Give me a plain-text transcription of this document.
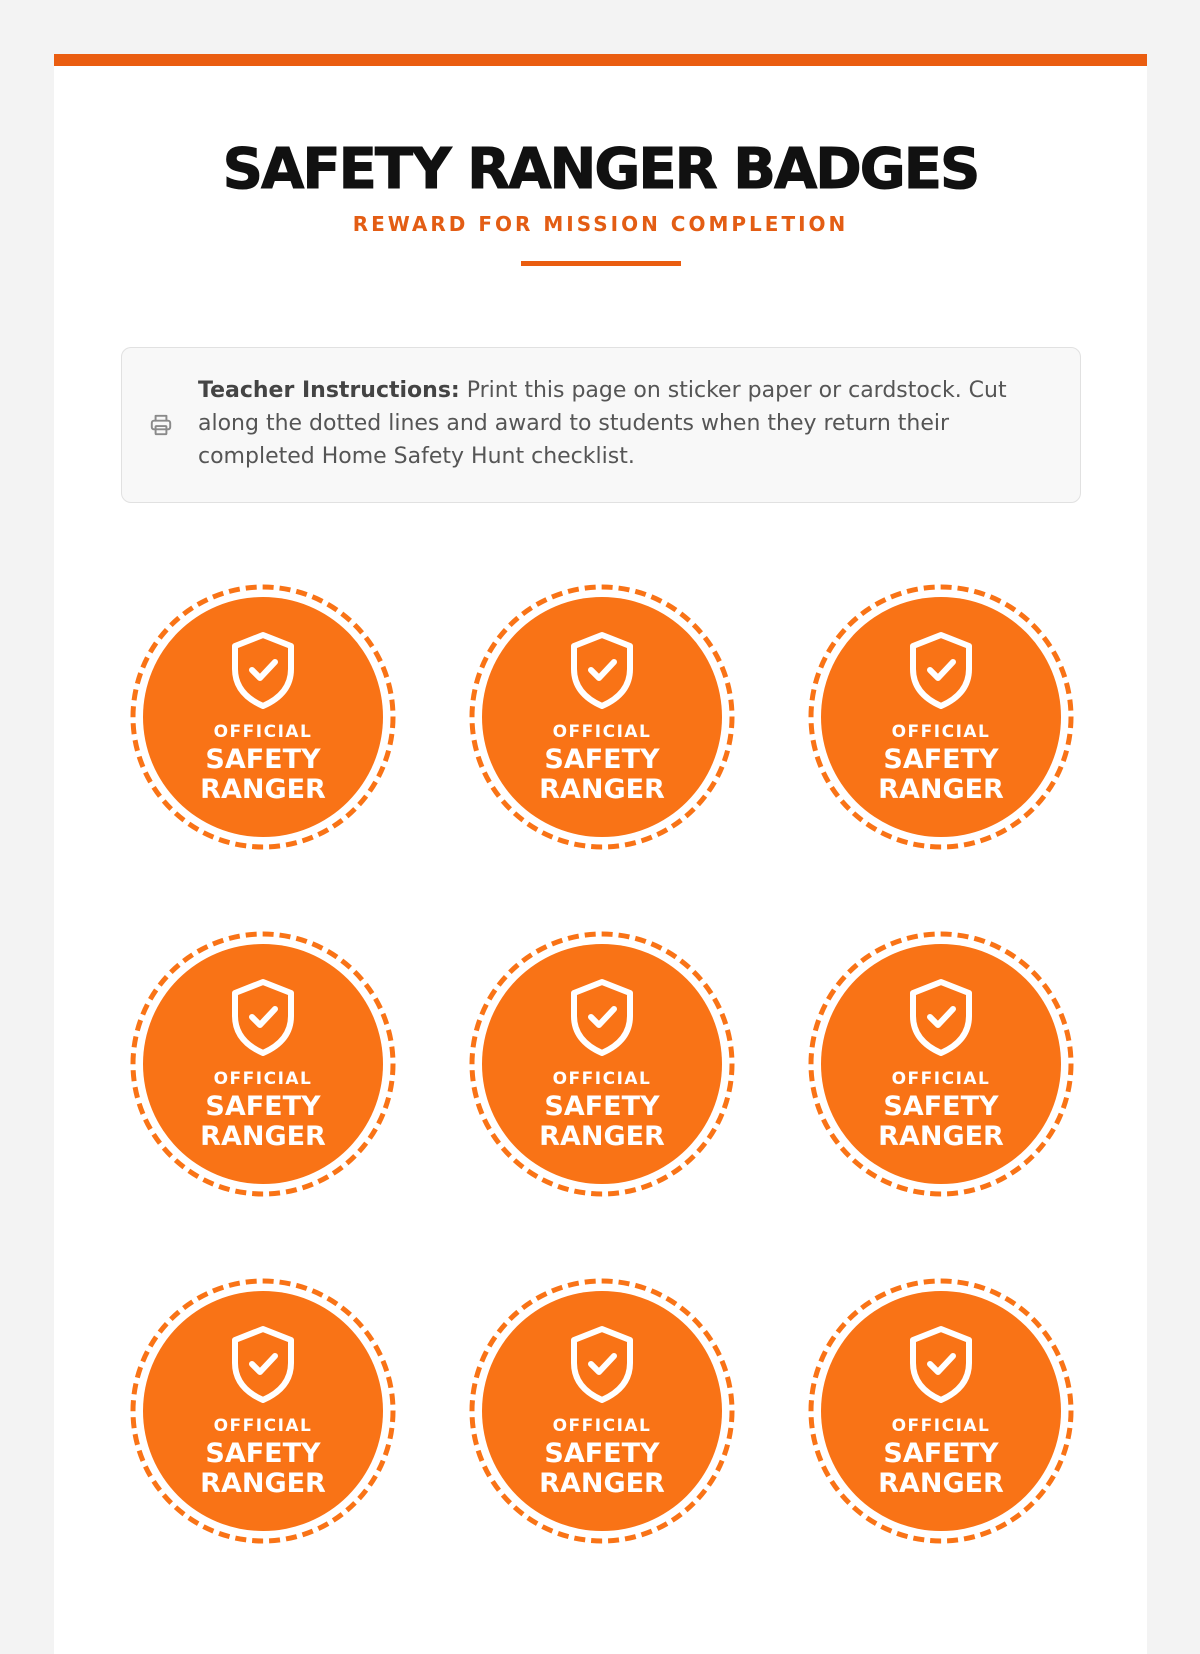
SAFETY RANGER BADGES
REWARD FOR MISSION COMPLETION
Teacher Instructions: Print this page on sticker paper or cardstock. Cut along the dotted lines and award to students when they return their completed Home Safety Hunt checklist.
OFFICIAL
SAFETY
RANGER
OFFICIAL
SAFETY
RANGER
OFFICIAL
SAFETY
RANGER
OFFICIAL
SAFETY
RANGER
OFFICIAL
SAFETY
RANGER
OFFICIAL
SAFETY
RANGER
OFFICIAL
SAFETY
RANGER
OFFICIAL
SAFETY
RANGER
OFFICIAL
SAFETY
RANGER
